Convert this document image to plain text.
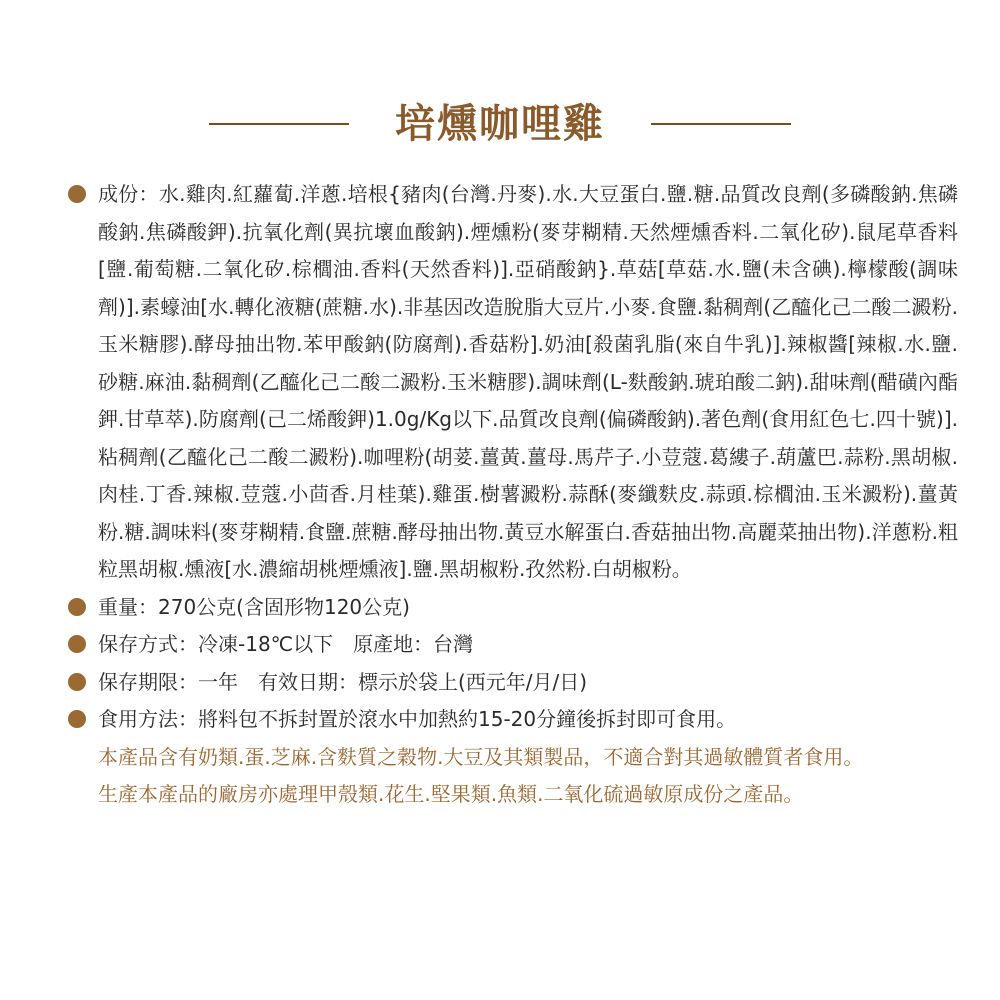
培燻咖哩雞
成份：水.雞肉.紅蘿蔔.洋蔥.培根{豬肉(台灣.丹麥).水.大豆蛋白.鹽.糖.品質改良劑(多磷酸鈉.焦磷酸鈉.焦磷酸鉀).抗氧化劑(異抗壞血酸鈉).煙燻粉(麥芽糊精.天然煙燻香料.二氧化矽).鼠尾草香料[鹽.葡萄糖.二氧化矽.棕櫚油.香料(天然香料)].亞硝酸鈉}.草菇[草菇.水.鹽(未含碘).檸檬酸(調味劑)].素蠔油[水.轉化液糖(蔗糖.水).非基因改造脫脂大豆片.小麥.食鹽.黏稠劑(乙醯化己二酸二澱粉.玉米糖膠).酵母抽出物.苯甲酸鈉(防腐劑).香菇粉].奶油[殺菌乳脂(來自牛乳)].辣椒醬[辣椒.水.鹽.砂糖.麻油.黏稠劑(乙醯化己二酸二澱粉.玉米糖膠).調味劑(L-麩酸鈉.琥珀酸二鈉).甜味劑(醋磺內酯鉀.甘草萃).防腐劑(己二烯酸鉀)1.0g/Kg以下.品質改良劑(偏磷酸鈉).著色劑(食用紅色七.四十號)].粘稠劑(乙醯化己二酸二澱粉).咖哩粉(胡荽.薑黃.薑母.馬芹子.小荳蔻.葛縷子.葫蘆巴.蒜粉.黑胡椒.肉桂.丁香.辣椒.荳蔻.小茴香.月桂葉).雞蛋.樹薯澱粉.蒜酥(麥纖麩皮.蒜頭.棕櫚油.玉米澱粉).薑黃粉.糖.調味料(麥芽糊精.食鹽.蔗糖.酵母抽出物.黃豆水解蛋白.香菇抽出物.高麗菜抽出物).洋蔥粉.粗粒黑胡椒.燻液[水.濃縮胡桃煙燻液].鹽.黑胡椒粉.孜然粉.白胡椒粉。
重量：270公克(含固形物120公克)
保存方式：冷凍-18℃以下　原產地：台灣
保存期限：一年　有效日期：標示於袋上(西元年/月/日)
食用方法：將料包不拆封置於滾水中加熱約15-20分鐘後拆封即可食用。
本產品含有奶類.蛋.芝麻.含麩質之穀物.大豆及其類製品，不適合對其過敏體質者食用。
生產本產品的廠房亦處理甲殼類.花生.堅果類.魚類.二氧化硫過敏原成份之產品。
